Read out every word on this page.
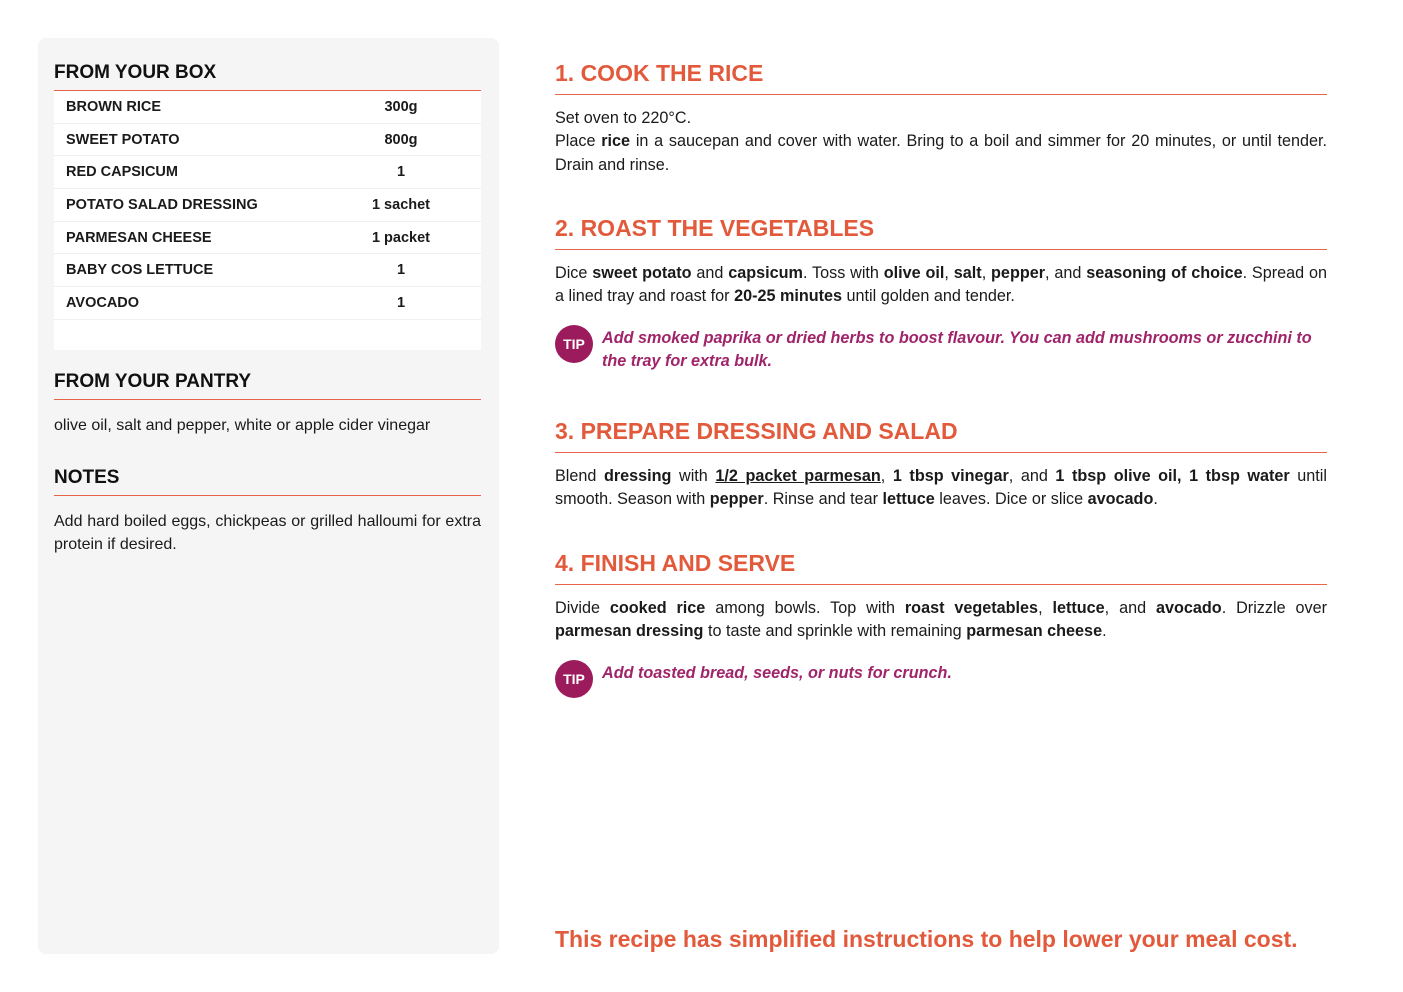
FROM YOUR BOX
BROWN RICE	300g
SWEET POTATO	800g
RED CAPSICUM	1
POTATO SALAD DRESSING	1 sachet
PARMESAN CHEESE	1 packet
BABY COS LETTUCE	1
AVOCADO	1
FROM YOUR PANTRY

olive oil, salt and pepper, white or apple cider vinegar

NOTES

Add hard boiled eggs, chickpeas or grilled halloumi for extra protein if desired.

1. COOK THE RICE

Set oven to 220°C.
Place rice in a saucepan and cover with water. Bring to a boil and simmer for 20 minutes, or until tender. Drain and rinse.

2. ROAST THE VEGETABLES

Dice sweet potato and capsicum. Toss with olive oil, salt, pepper, and seasoning of choice. Spread on a lined tray and roast for 20-25 minutes until golden and tender.

TIP	Add smoked paprika or dried herbs to boost flavour. You can add mushrooms or zucchini to the tray for extra bulk.
3. PREPARE DRESSING AND SALAD

Blend dressing with 1/2 packet parmesan, 1 tbsp vinegar, and 1 tbsp olive oil, 1 tbsp water until smooth. Season with pepper. Rinse and tear lettuce leaves. Dice or slice avocado.

4. FINISH AND SERVE

Divide cooked rice among bowls. Top with roast vegetables, lettuce, and avocado. Drizzle over parmesan dressing to taste and sprinkle with remaining parmesan cheese.

TIP	Add toasted bread, seeds, or nuts for crunch.
This recipe has simplified instructions to help lower your meal cost.
